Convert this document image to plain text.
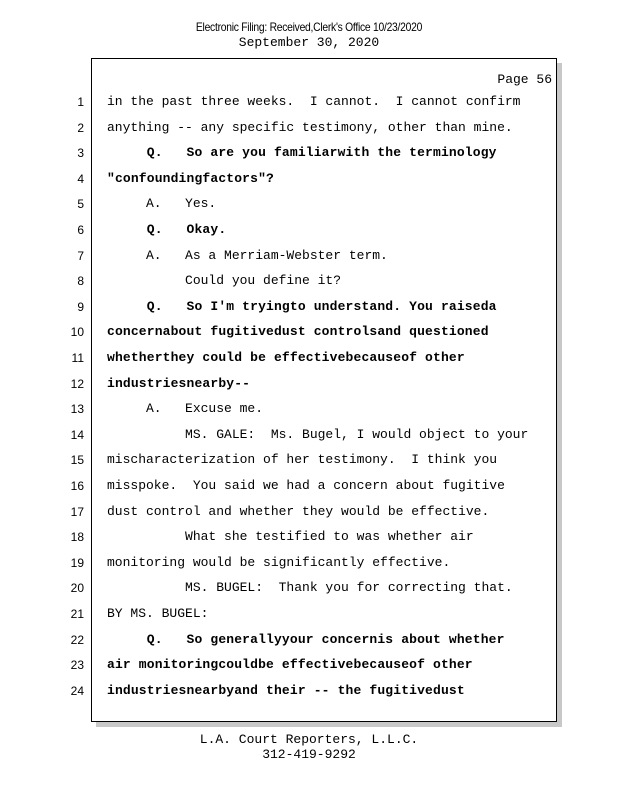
Electronic Filing: Received,Clerk's Office 10/23/2020
September 30, 2020
Page 56
1 in the past three weeks.  I cannot.  I cannot confirm
2 anything -- any specific testimony, other than mine.
3 Q.   So are you familiarwith the terminology
4 "confoundingfactors"?
5 A.   Yes.
6 Q.   Okay.
7 A.   As a Merriam-Webster term.
8 Could you define it?
9 Q.   So I'm tryingto understand. You raiseda
10 concernabout fugitivedust controlsand questioned
11 whetherthey could be effectivebecauseof other
12 industriesnearby--
13 A.   Excuse me.
14 MS. GALE:  Ms. Bugel, I would object to your
15 mischaracterization of her testimony.  I think you
16 misspoke.  You said we had a concern about fugitive
17 dust control and whether they would be effective.
18 What she testified to was whether air
19 monitoring would be significantly effective.
20 MS. BUGEL:  Thank you for correcting that.
21 BY MS. BUGEL:
22 Q.   So generallyyour concernis about whether
23 air monitoringcouldbe effectivebecauseof other
24 industriesnearbyand their -- the fugitivedust
L.A. Court Reporters, L.L.C.
312-419-9292
